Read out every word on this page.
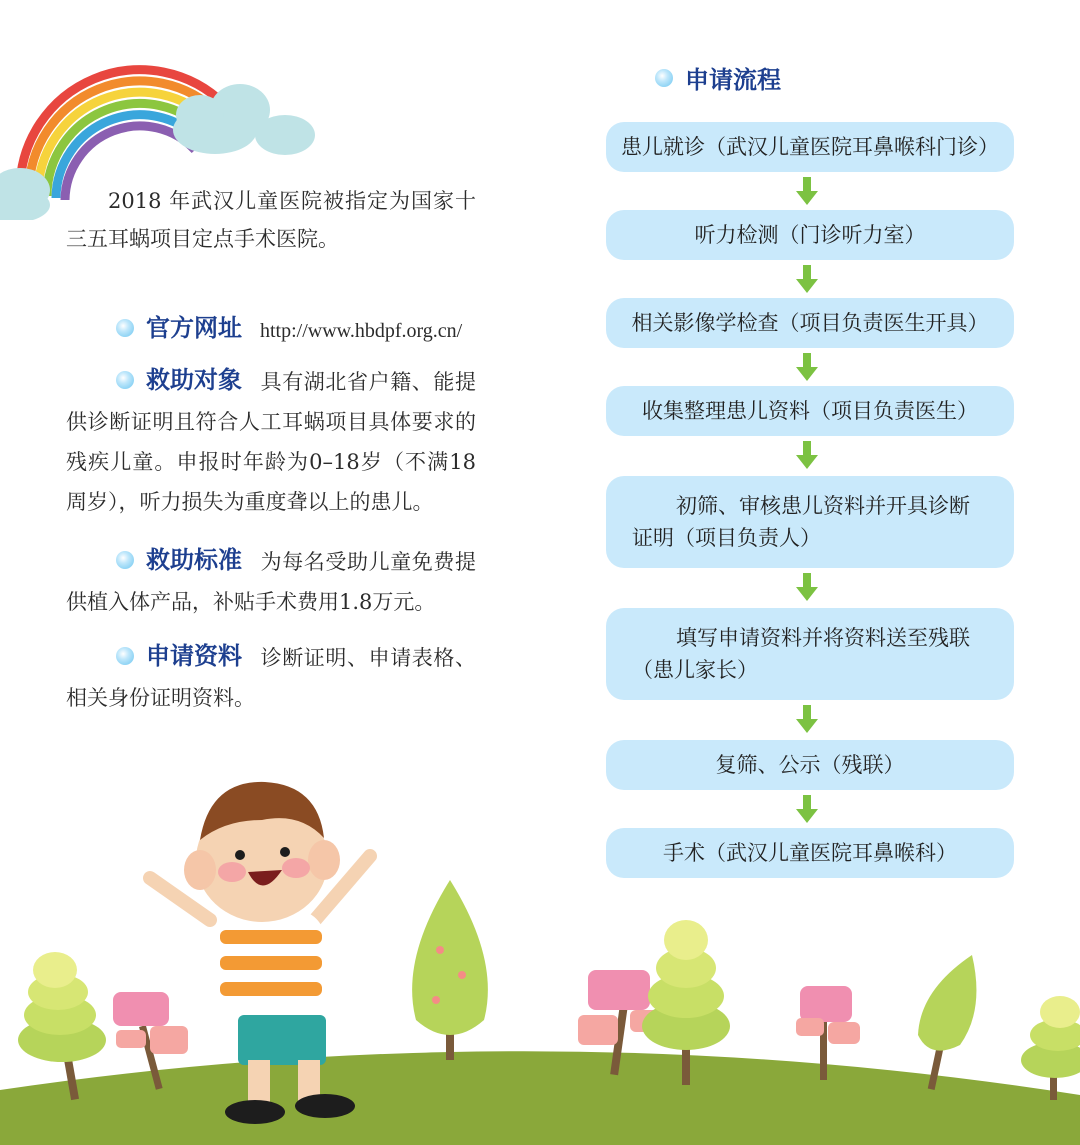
2018 年武汉儿童医院被指定为国家十三五耳蜗项目定点手术医院。
官方网址 http://www.hbdpf.org.cn/
救助对象 具有湖北省户籍、能提供诊断证明且符合人工耳蜗项目具体要求的残疾儿童。申报时年龄为0–18岁（不满18周岁），听力损失为重度聋以上的患儿。
救助标准 为每名受助儿童免费提供植入体产品，补贴手术费用1.8万元。
申请资料 诊断证明、申请表格、相关身份证明资料。
申请流程
患儿就诊（武汉儿童医院耳鼻喉科门诊）
听力检测（门诊听力室）
相关影像学检查（项目负责医生开具）
收集整理患儿资料（项目负责医生）
初筛、审核患儿资料并开具诊断证明（项目负责人）
填写申请资料并将资料送至残联（患儿家长）
复筛、公示（残联）
手术（武汉儿童医院耳鼻喉科）
